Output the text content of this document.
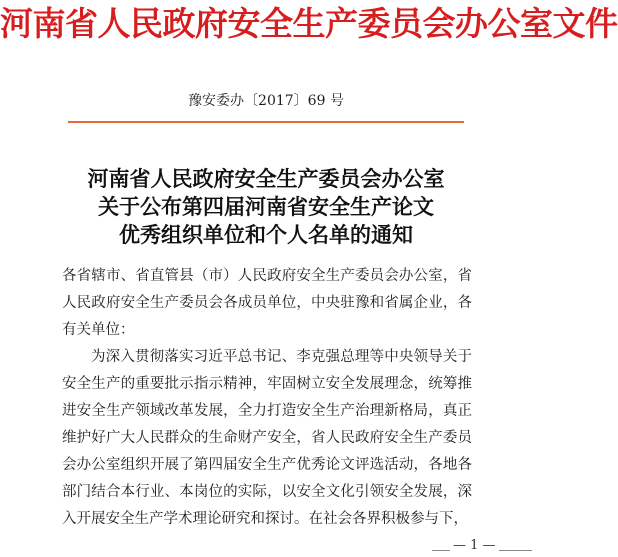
河南省人民政府安全生产委员会办公室文件
豫安委办〔2017〕69 号
河南省人民政府安全生产委员会办公室
关于公布第四届河南省安全生产论文
优秀组织单位和个人名单的通知

各省辖市、省直管县（市）人民政府安全生产委员会办公室，省人民政府安全生产委员会各成员单位，中央驻豫和省属企业，各有关单位：

为深入贯彻落实习近平总书记、李克强总理等中央领导关于安全生产的重要批示指示精神，牢固树立安全发展理念，统筹推进安全生产领域改革发展，全力打造安全生产治理新格局，真正维护好广大人民群众的生命财产安全，省人民政府安全生产委员会办公室组织开展了第四届安全生产优秀论文评选活动，各地各部门结合本行业、本岗位的实际，以安全文化引领安全发展，深入开展安全生产学术理论研究和探讨。在社会各界积极参与下，

— 1 —
